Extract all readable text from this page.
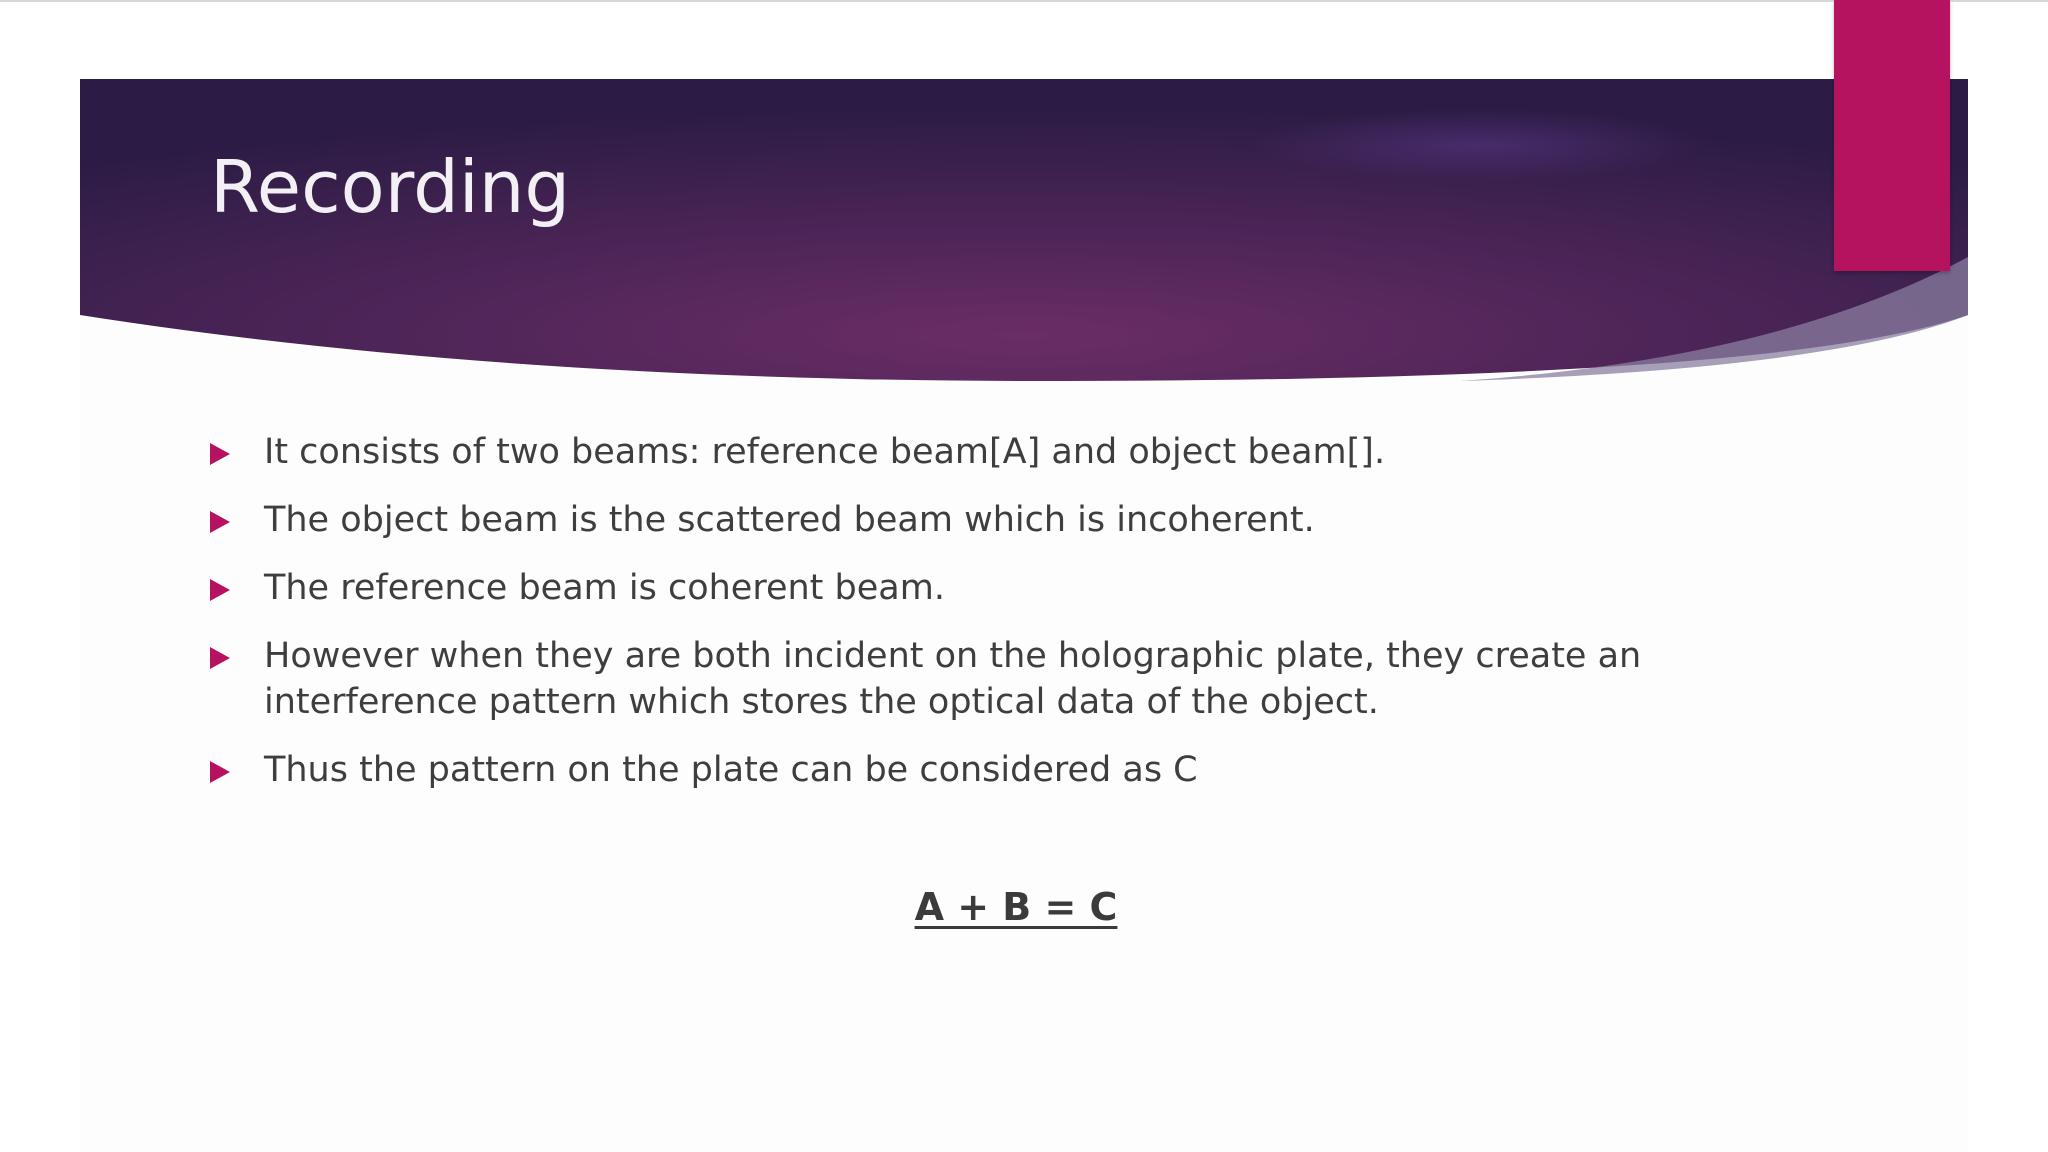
Recording
It consists of two beams: reference beam[A] and object beam[].
The object beam is the scattered beam which is incoherent.
The reference beam is coherent beam.
However when they are both incident on the holographic plate, they create an interference pattern which stores the optical data of the object.
Thus the pattern on the plate can be considered as C

A + B = C
